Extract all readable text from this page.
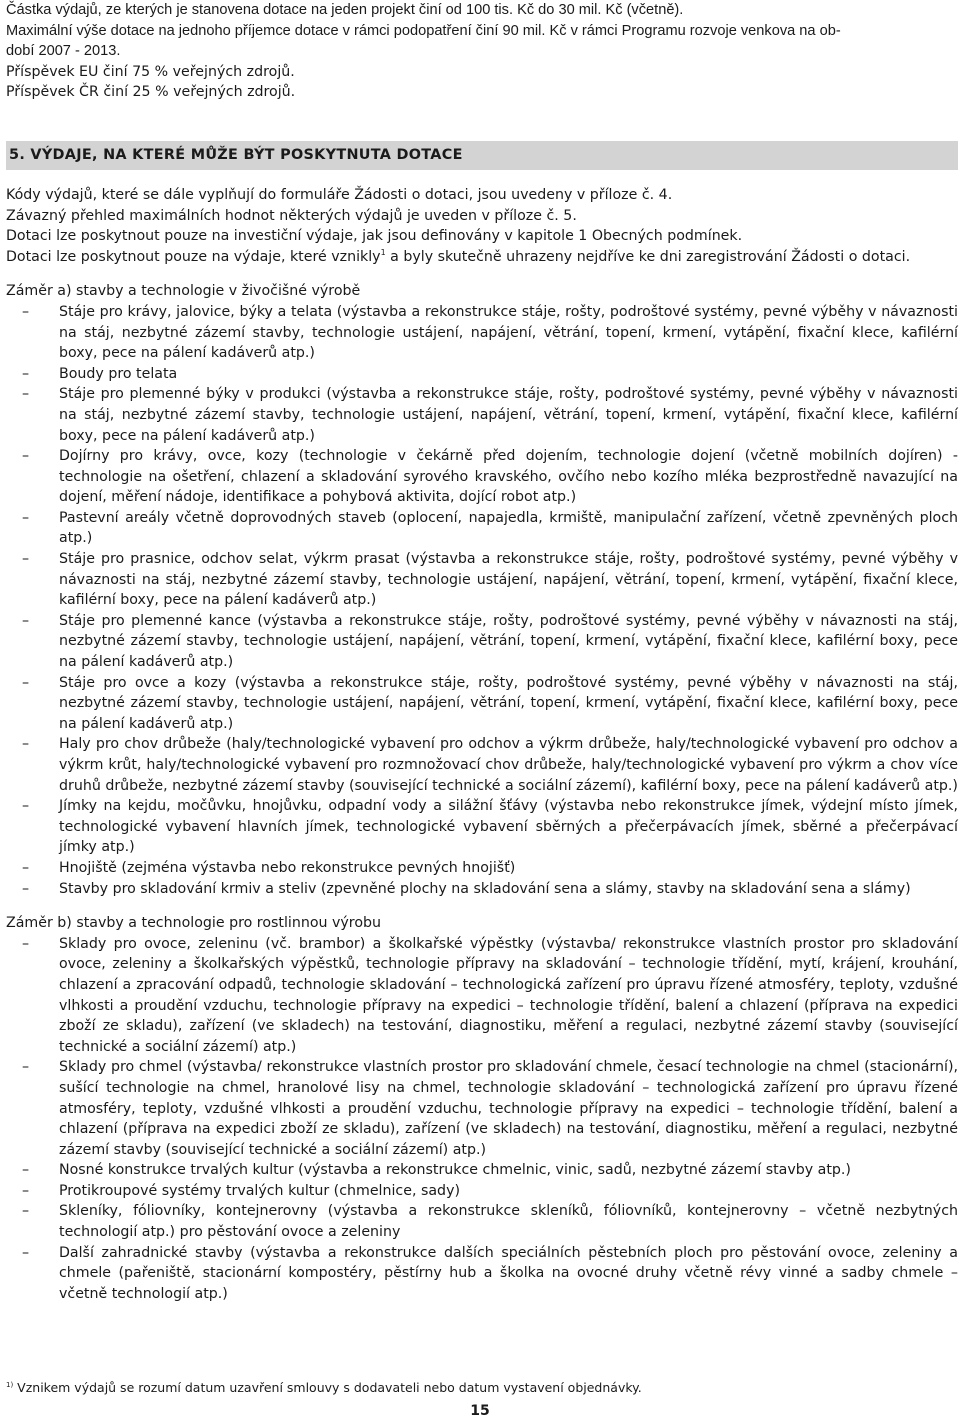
Částka výdajů, ze kterých je stanovena dotace na jeden projekt činí od 100 tis. Kč do 30 mil. Kč (včetně).

Maximální výše dotace na jednoho příjemce dotace v rámci podopatření činí 90 mil. Kč v rámci Programu rozvoje venkova na ob-

dobí 2007 - 2013.

Příspěvek EU činí 75 % veřejných zdrojů.

Příspěvek ČR činí 25 % veřejných zdrojů.

5. VÝDAJE, NA KTERÉ MŮŽE BÝT POSKYTNUTA DOTACE

Kódy výdajů, které se dále vyplňují do formuláře Žádosti o dotaci, jsou uvedeny v příloze č. 4.

Závazný přehled maximálních hodnot některých výdajů je uveden v příloze č. 5.

Dotaci lze poskytnout pouze na investiční výdaje, jak jsou definovány v kapitole 1 Obecných podmínek.

Dotaci lze poskytnout pouze na výdaje, které vznikly$^1$ a byly skutečně uhrazeny nejdříve ke dni zaregistrování Žádosti o dotaci.

Záměr a) stavby a technologie v živočišné výrobě
– Stáje pro krávy, jalovice, býky a telata (výstavba a rekonstrukce stáje, rošty, podroštové systémy, pevné výběhy v návaznosti na stáj, nezbytné zázemí stavby, technologie ustájení, napájení, větrání, topení, krmení, vytápění, fixační klece, kafilérní boxy, pece na pálení kadáverů atp.)
– Boudy pro telata
– Stáje pro plemenné býky v produkci (výstavba a rekonstrukce stáje, rošty, podroštové systémy, pevné výběhy v návaznosti na stáj, nezbytné zázemí stavby, technologie ustájení, napájení, větrání, topení, krmení, vytápění, fixační klece, kafilérní boxy, pece na pálení kadáverů atp.)
– Dojírny pro krávy, ovce, kozy (technologie v čekárně před dojením, technologie dojení (včetně mobilních dojíren) - technologie na ošetření, chlazení a skladování syrového kravského, ovčího nebo kozího mléka bezprostředně navazující na dojení, měření nádoje, identifikace a pohybová aktivita, dojící robot atp.)
– Pastevní areály včetně doprovodných staveb (oplocení, napajedla, krmiště, manipulační zařízení, včetně zpevněných ploch atp.)
– Stáje pro prasnice, odchov selat, výkrm prasat (výstavba a rekonstrukce stáje, rošty, podroštové systémy, pevné výběhy v návaznosti na stáj, nezbytné zázemí stavby, technologie ustájení, napájení, větrání, topení, krmení, vytápění, fixační klece, kafilérní boxy, pece na pálení kadáverů atp.)
– Stáje pro plemenné kance (výstavba a rekonstrukce stáje, rošty, podroštové systémy, pevné výběhy v návaznosti na stáj, nezbytné zázemí stavby, technologie ustájení, napájení, větrání, topení, krmení, vytápění, fixační klece, kafilérní boxy, pece na pálení kadáverů atp.)
– Stáje pro ovce a kozy (výstavba a rekonstrukce stáje, rošty, podroštové systémy, pevné výběhy v návaznosti na stáj, nezbytné zázemí stavby, technologie ustájení, napájení, větrání, topení, krmení, vytápění, fixační klece, kafilérní boxy, pece na pálení kadáverů atp.)
– Haly pro chov drůbeže (haly/technologické vybavení pro odchov a výkrm drůbeže, haly/technologické vybavení pro odchov a výkrm krůt, haly/technologické vybavení pro rozmnožovací chov drůbeže, haly/technologické vybavení pro výkrm a chov více druhů drůbeže, nezbytné zázemí stavby (související technické a sociální zázemí), kafilérní boxy, pece na pálení kadáverů atp.)
– Jímky na kejdu, močůvku, hnojůvku, odpadní vody a silážní šťávy (výstavba nebo rekonstrukce jímek, výdejní místo jímek, technologické vybavení hlavních jímek, technologické vybavení sběrných a přečerpávacích jímek, sběrné a přečerpávací jímky atp.)
– Hnojiště (zejména výstavba nebo rekonstrukce pevných hnojišť)
– Stavby pro skladování krmiv a steliv (zpevněné plochy na skladování sena a slámy, stavby na skladování sena a slámy)
Záměr b) stavby a technologie pro rostlinnou výrobu
– Sklady pro ovoce, zeleninu (vč. brambor) a školkařské výpěstky (výstavba/ rekonstrukce vlastních prostor pro skladování ovoce, zeleniny a školkařských výpěstků, technologie přípravy na skladování – technologie třídění, mytí, krájení, krouhání, chlazení a zpracování odpadů, technologie skladování – technologická zařízení pro úpravu řízené atmosféry, teploty, vzdušné vlhkosti a proudění vzduchu, technologie přípravy na expedici – technologie třídění, balení a chlazení (příprava na expedici zboží ze skladu), zařízení (ve skladech) na testování, diagnostiku, měření a regulaci, nezbytné zázemí stavby (související technické a sociální zázemí) atp.)
– Sklady pro chmel (výstavba/ rekonstrukce vlastních prostor pro skladování chmele, česací technologie na chmel (stacionární), sušící technologie na chmel, hranolové lisy na chmel, technologie skladování – technologická zařízení pro úpravu řízené atmosféry, teploty, vzdušné vlhkosti a proudění vzduchu, technologie přípravy na expedici – technologie třídění, balení a chlazení (příprava na expedici zboží ze skladu), zařízení (ve skladech) na testování, diagnostiku, měření a regulaci, nezbytné zázemí stavby (související technické a sociální zázemí) atp.)
– Nosné konstrukce trvalých kultur (výstavba a rekonstrukce chmelnic, vinic, sadů, nezbytné zázemí stavby atp.)
– Protikroupové systémy trvalých kultur (chmelnice, sady)
– Skleníky, fóliovníky, kontejnerovny (výstavba a rekonstrukce skleníků, fóliovníků, kontejnerovny – včetně nezbytných technologií atp.) pro pěstování ovoce a zeleniny
– Další zahradnické stavby (výstavba a rekonstrukce dalších speciálních pěstebních ploch pro pěstování ovoce, zeleniny a chmele (pařeniště, stacionární kompostéry, pěstírny hub a školka na ovocné druhy včetně révy vinné a sadby chmele – včetně technologií atp.)
$^{1)}$ Vznikem výdajů se rozumí datum uzavření smlouvy s dodavateli nebo datum vystavení objednávky.
15
